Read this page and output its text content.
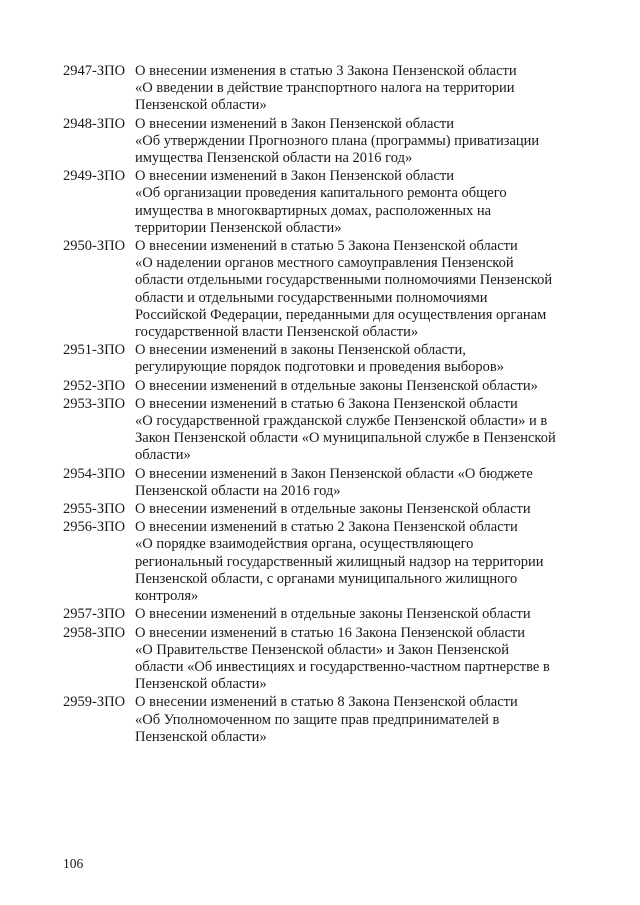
2947-ЗПО О внесении изменения в статью 3 Закона Пензенской области
«О введении в действие транспортного налога на территории
Пензенской области»
2948-ЗПО О внесении изменений в Закон Пензенской области
«Об утверждении Прогнозного плана (программы) приватизации
имущества Пензенской области на 2016 год»
2949-ЗПО О внесении изменений в Закон Пензенской области
«Об организации проведения капитального ремонта общего
имущества в многоквартирных домах, расположенных на
территории Пензенской области»
2950-ЗПО О внесении изменений в статью 5 Закона Пензенской области
«О наделении органов местного самоуправления Пензенской
области отдельными государственными полномочиями Пензенской
области и отдельными государственными полномочиями
Российской Федерации, переданными для осуществления органам
государственной власти Пензенской области»
2951-ЗПО О внесении изменений в законы Пензенской области,
регулирующие порядок подготовки и проведения выборов»
2952-ЗПО О внесении изменений в отдельные законы Пензенской области»
2953-ЗПО О внесении изменений в статью 6 Закона Пензенской области
«О государственной гражданской службе Пензенской области» и в
Закон Пензенской области «О муниципальной службе в Пензенской
области»
2954-ЗПО О внесении изменений в Закон Пензенской области «О бюджете
Пензенской области на 2016 год»
2955-ЗПО О внесении изменений в отдельные законы Пензенской области
2956-ЗПО О внесении изменений в статью 2 Закона Пензенской области
«О порядке взаимодействия органа, осуществляющего
региональный государственный жилищный надзор на территории
Пензенской области, с органами муниципального жилищного
контроля»
2957-ЗПО О внесении изменений в отдельные законы Пензенской области
2958-ЗПО О внесении изменений в статью 16 Закона Пензенской области
«О Правительстве Пензенской области» и Закон Пензенской
области «Об инвестициях и государственно-частном партнерстве в
Пензенской области»
2959-ЗПО О внесении изменений в статью 8 Закона Пензенской области
«Об Уполномоченном по защите прав предпринимателей в
Пензенской области»
106
